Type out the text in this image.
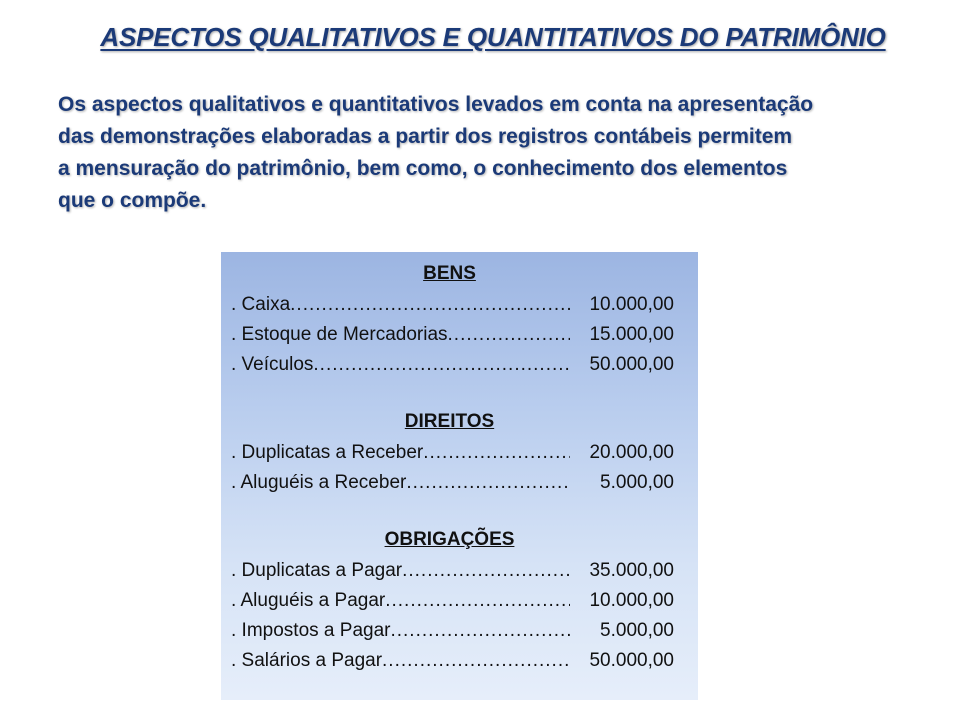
ASPECTOS QUALITATIVOS E QUANTITATIVOS DO PATRIMÔNIO
Os aspectos qualitativos e quantitativos levados em conta na apresentação
das demonstrações elaboradas a partir dos registros contábeis permitem
a mensuração do patrimônio, bem como, o conhecimento dos elementos
que o compõe.
BENS
. Caixa .....	10.000,00
. Estoque de Mercadorias .....	15.000,00
. Veículos .....	50.000,00
DIREITOS
. Duplicatas a Receber .....	20.000,00
. Aluguéis a Receber .....	5.000,00
OBRIGAÇÕES
. Duplicatas a Pagar .....	35.000,00
. Aluguéis a Pagar .....	10.000,00
. Impostos a Pagar .....	5.000,00
. Salários a Pagar .....	50.000,00
